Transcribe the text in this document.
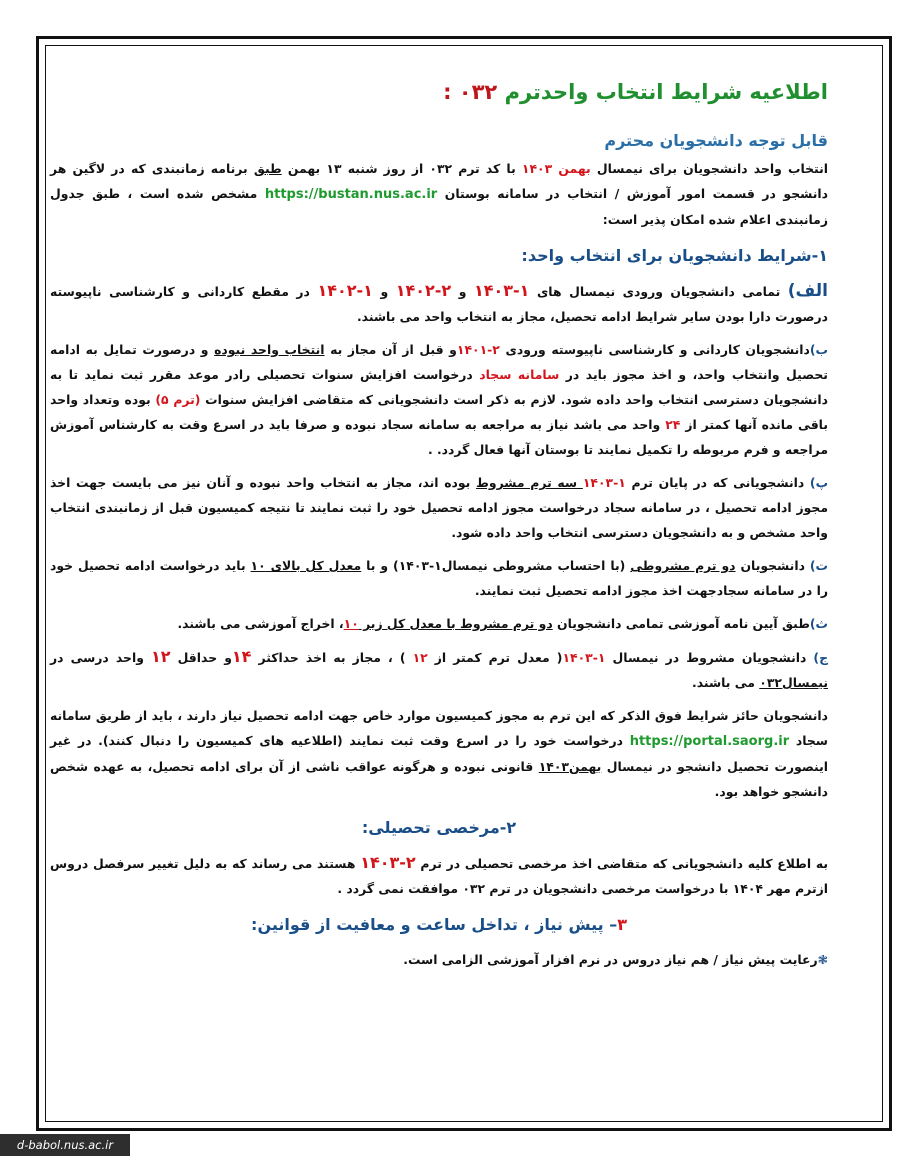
اطلاعیه شرایط انتخاب واحدترم ۰۳۲ :
قابل توجه دانشجویان محترم

انتخاب واحد دانشجویان برای نیمسال بهمن ۱۴۰۳ با کد ترم ۰۳۲ از روز شنبه ۱۳ بهمن طبق برنامه زمانبندی که در لاگین هر دانشجو در قسمت امور آموزش / انتخاب در سامانه بوستان https://bustan.nus.ac.ir مشخص شده است ، طبق جدول زمانبندی اعلام شده امکان پذیر است:

۱-شرایط دانشجویان برای انتخاب واحد:

الف) تمامی دانشجویان ورودی نیمسال های ۱-۱۴۰۳ و ۲-۱۴۰۲ و ۱-۱۴۰۲ در مقطع کاردانی و کارشناسی ناپیوسته درصورت دارا بودن سایر شرایط ادامه تحصیل، مجاز به انتخاب واحد می باشند.

ب)دانشجویان کاردانی و کارشناسی ناپیوسته ورودی ۲-۱۴۰۱و قبل از آن مجاز به انتخاب واحد نبوده و درصورت تمایل به ادامه تحصیل وانتخاب واحد، و اخذ مجوز باید در سامانه سجاد درخواست افزایش سنوات تحصیلی رادر موعد مقرر ثبت نماید تا به دانشجویان دسترسی انتخاب واحد داده شود. لازم به ذکر است دانشجویانی که متقاضی افزایش سنوات (ترم ۵) بوده وتعداد واحد باقی مانده آنها کمتر از ۲۴ واحد می باشد نیاز به مراجعه به سامانه سجاد نبوده و صرفا باید در اسرع وقت به کارشناس آموزش مراجعه و فرم مربوطه را تکمیل نمایند تا بوستان آنها فعال گردد. .

پ) دانشجویانی که در پایان ترم ۱-۱۴۰۳ سه ترم مشروط بوده اند، مجاز به انتخاب واحد نبوده و آنان نیز می بایست جهت اخذ مجوز ادامه تحصیل ، در سامانه سجاد درخواست مجوز ادامه تحصیل خود را ثبت نمایند تا نتیجه کمیسیون قبل از زمانبندی انتخاب واحد مشخص و به دانشجویان دسترسی انتخاب واحد داده شود.

ت) دانشجویان دو ترم مشروطی (با احتساب مشروطی نیمسال۱-۱۴۰۳) و با معدل کل بالای ۱۰ باید درخواست ادامه تحصیل خود را در سامانه سجادجهت اخذ مجوز ادامه تحصیل ثبت نمایند.

ث)طبق آیین نامه آموزشی تمامی دانشجویان دو ترم مشروط با معدل کل زیر ۱۰، اخراج آموزشی می باشند.

ج) دانشجویان مشروط در نیمسال ۱-۱۴۰۳( معدل ترم کمتر از ۱۲ ) ، مجاز به اخذ حداکثر ۱۴و حداقل ۱۲ واحد درسی در نیمسال۰۳۲ می باشند.

دانشجویان حائز شرایط فوق الذکر که این ترم به مجوز کمیسیون موارد خاص جهت ادامه تحصیل نیاز دارند ، باید از طریق سامانه سجاد https://portal.saorg.ir درخواست خود را در اسرع وقت ثبت نمایند (اطلاعیه های کمیسیون را دنبال کنند). در غیر اینصورت تحصیل دانشجو در نیمسال بهمن۱۴۰۳ قانونی نبوده و هرگونه عواقب ناشی از آن برای ادامه تحصیل، به عهده شخص دانشجو خواهد بود.

۲-مرخصی تحصیلی:

به اطلاع کلیه دانشجویانی که متقاضی اخذ مرخصی تحصیلی در ترم ۲-۱۴۰۳ هستند می رساند که به دلیل تغییر سرفصل دروس ازترم مهر ۱۴۰۴ با درخواست مرخصی دانشجویان در ترم ۰۳۲ موافقت نمی گردد .

۳– پیش نیاز ، تداخل ساعت و معافیت از قوانین:

❃رعایت پیش نیاز / هم نیاز دروس در نرم افزار آموزشی الزامی است.

d-babol.nus.ac.ir
